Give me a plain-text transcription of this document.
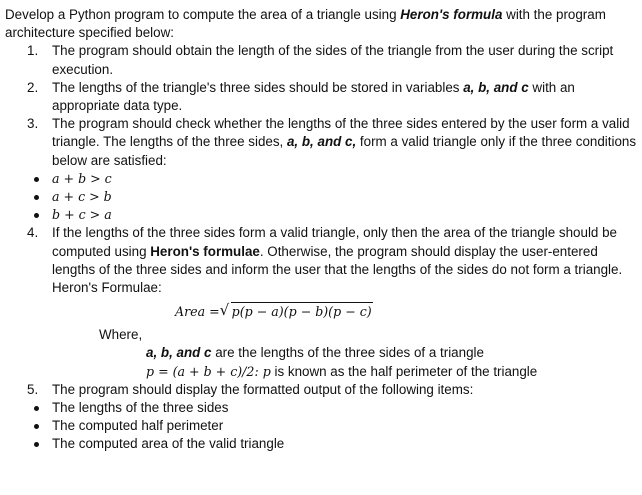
Develop a Python program to compute the area of a triangle using Heron's formula with the program architecture specified below:

1. The program should obtain the length of the sides of the triangle from the user during the script execution.
2. The lengths of the triangle's three sides should be stored in variables a, b, and c with an appropriate data type.
3. The program should check whether the lengths of the three sides entered by the user form a valid triangle. The lengths of the three sides, a, b, and c, form a valid triangle only if the three conditions below are satisfied:
a + b > c
a + c > b
b + c > a
4. If the lengths of the three sides form a valid triangle, only then the area of the triangle should be computed using Heron's formulae. Otherwise, the program should display the user-entered lengths of the three sides and inform the user that the lengths of the sides do not form a triangle.
Heron's Formulae:
Area = √ p(p − a)(p − b)(p − c)

Where,

a, b, and c are the lengths of the three sides of a triangle

p = (a + b + c)/2: p is known as the half perimeter of the triangle

5. The program should display the formatted output of the following items:
The lengths of the three sides
The computed half perimeter
The computed area of the valid triangle
